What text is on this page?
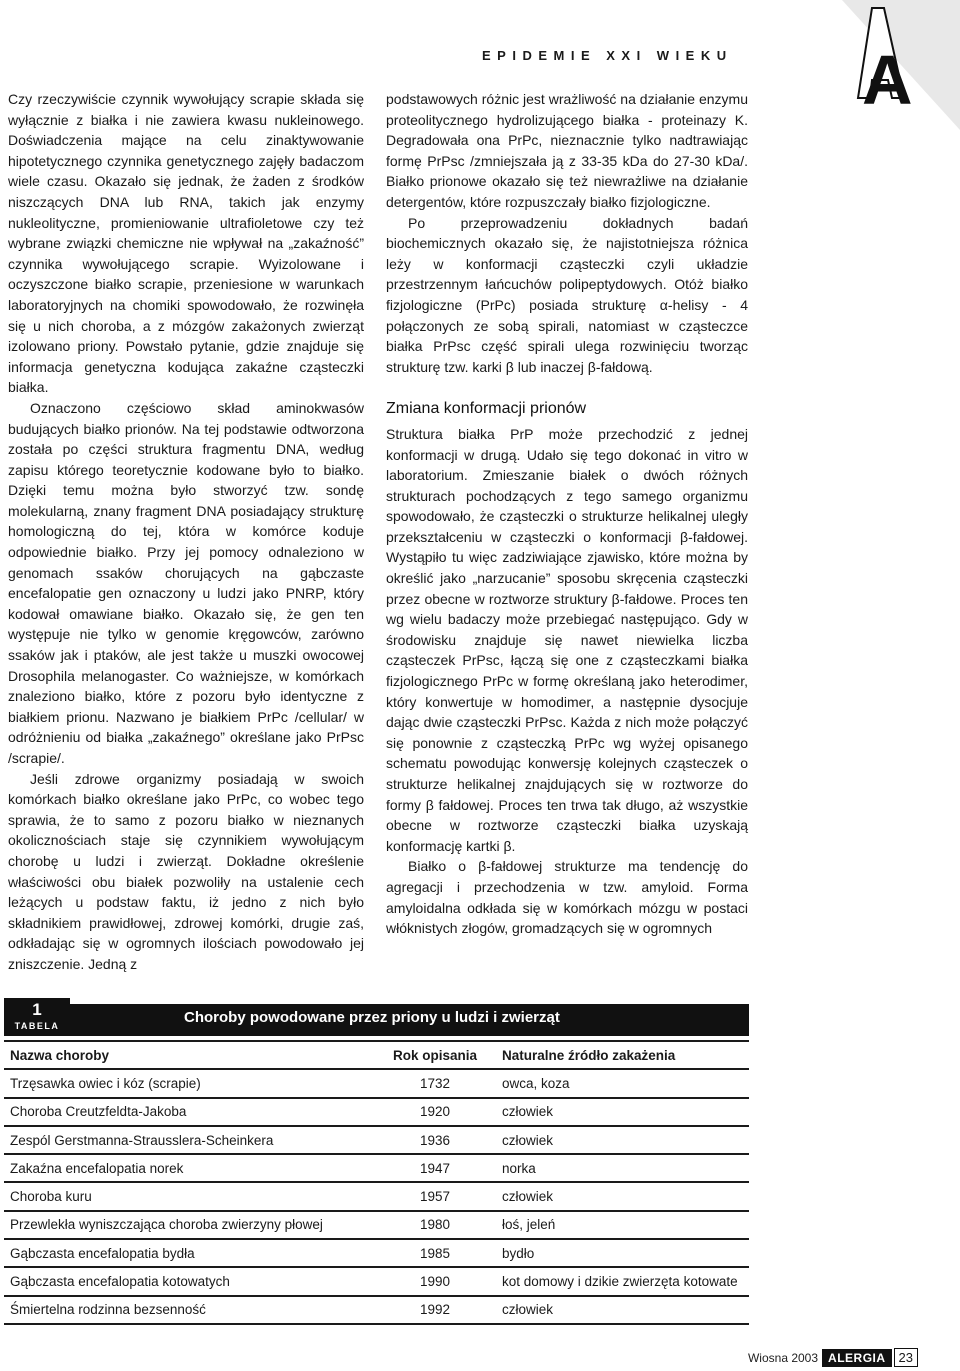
EPIDEMIE XXI WIEKU A

Czy rzeczywiście czynnik wywołujący scrapie składa się wyłącznie z białka i nie zawiera kwasu nukleinowego. Doświadczenia mające na celu zinaktywowanie hipotetycznego czynnika genetycznego zajęły badaczom wiele czasu. Okazało się jednak, że żaden z środków niszczących DNA lub RNA, takich jak enzymy nukleolityczne, promieniowanie ultrafioletowe czy też wybrane związki chemiczne nie wpływał na „zakaźność” czynnika wywołującego scrapie. Wyizolowane i oczyszczone białko scrapie, przeniesione w warunkach laboratoryjnych na chomiki spowodowało, że rozwinęła się u nich choroba, a z mózgów zakażonych zwierząt izolowano priony. Powstało pytanie, gdzie znajduje się informacja genetyczna kodująca zakaźne cząsteczki białka.

Oznaczono częściowo skład aminokwasów budujących białko prionów. Na tej podstawie odtworzona została po części struktura fragmentu DNA, według zapisu którego teoretycznie kodowane było to białko. Dzięki temu można było stworzyć tzw. sondę molekularną, znany fragment DNA posiadający strukturę homologiczną do tej, która w komórce koduje odpowiednie białko. Przy jej pomocy odnaleziono w genomach ssaków chorujących na gąbczaste encefalopatie gen oznaczony u ludzi jako PNRP, który kodował omawiane białko. Okazało się, że gen ten występuje nie tylko w genomie kręgowców, zarówno ssaków jak i ptaków, ale jest także u muszki owocowej Drosophila melanogaster. Co ważniejsze, w komórkach znaleziono białko, które z pozoru było identyczne z białkiem prionu. Nazwano je białkiem PrPc /cellular/ w odróżnieniu od białka „zakaźnego” określane jako PrPsc /scrapie/.

Jeśli zdrowe organizmy posiadają w swoich komórkach białko określane jako PrPc, co wobec tego sprawia, że to samo z pozoru białko w nieznanych okolicznościach staje się czynnikiem wywołującym chorobę u ludzi i zwierząt. Dokładne określenie właściwości obu białek pozwoliły na ustalenie cech leżących u podstaw faktu, iż jedno z nich było składnikiem prawidłowej, zdrowej komórki, drugie zaś, odkładając się w ogromnych ilościach powodowało jej zniszczenie. Jedną z

podstawowych różnic jest wrażliwość na działanie enzymu proteolitycznego hydrolizującego białka - proteinazy K. Degradowała ona PrPc, nieznacznie tylko nadtrawiając formę PrPsc /zmniejszała ją z 33-35 kDa do 27-30 kDa/. Białko prionowe okazało się też niewrażliwe na działanie detergentów, które rozpuszczały białko fizjologiczne.

Po przeprowadzeniu dokładnych badań biochemicznych okazało się, że najistotniejsza różnica leży w konformacji cząsteczki czyli układzie przestrzennym łańcuchów polipeptydowych. Otóż białko fizjologiczne (PrPc) posiada strukturę α-helisy - 4 połączonych ze sobą spirali, natomiast w cząsteczce białka PrPsc część spirali ulega rozwinięciu tworząc strukturę tzw. karki β lub inaczej β-fałdową.

Zmiana konformacji prionów

Struktura białka PrP może przechodzić z jednej konformacji w drugą. Udało się tego dokonać in vitro w laboratorium. Zmieszanie białek o dwóch różnych strukturach pochodzących z tego samego organizmu spowodowało, że cząsteczki o strukturze helikalnej uległy przekształceniu w cząsteczki o konformacji β-fałdowej. Wystąpiło tu więc zadziwiające zjawisko, które można by określić jako „narzucanie” sposobu skręcenia cząsteczki przez obecne w roztworze struktury β-fałdowe. Proces ten wg wielu badaczy może przebiegać następująco. Gdy w środowisku znajduje się nawet niewielka liczba cząsteczek PrPsc, łączą się one z cząsteczkami białka fizjologicznego PrPc w formę określaną jako heterodimer, który konwertuje w homodimer, a następnie dysocjuje dając dwie cząsteczki PrPsc. Każda z nich może połączyć się ponownie z cząsteczką PrPc wg wyżej opisanego schematu powodując konwersję kolejnych cząsteczek o strukturze helikalnej znajdujących się w roztworze do formy β fałdowej. Proces ten trwa tak długo, aż wszystkie obecne w roztworze cząsteczki białka uzyskają konformację kartki β.

Białko o β-fałdowej strukturze ma tendencję do agregacji i przechodzenia w tzw. amyloid. Forma amyloidalna odkłada się w komórkach mózgu w postaci włóknistych złogów, gromadzących się w ogromnych

1
TABELA	Choroby powodowane przez priony u ludzi i zwierząt
Nazwa choroby	Rok opisania	Naturalne źródło zakażenia
Trzęsawka owiec i kóz (scrapie)	1732	owca, koza
Choroba Creutzfeldta-Jakoba	1920	człowiek
Zespól Gerstmanna-Strausslera-Scheinkera	1936	człowiek
Zakaźna encefalopatia norek	1947	norka
Choroba kuru	1957	człowiek
Przewlekła wyniszczająca choroba zwierzyny płowej	1980	łoś, jeleń
Gąbczasta encefalopatia bydła	1985	bydło
Gąbczasta encefalopatia kotowatych	1990	kot domowy i dzikie zwierzęta kotowate
Śmiertelna rodzinna bezsenność	1992	człowiek
Wiosna 2003 ALERGIA	23
